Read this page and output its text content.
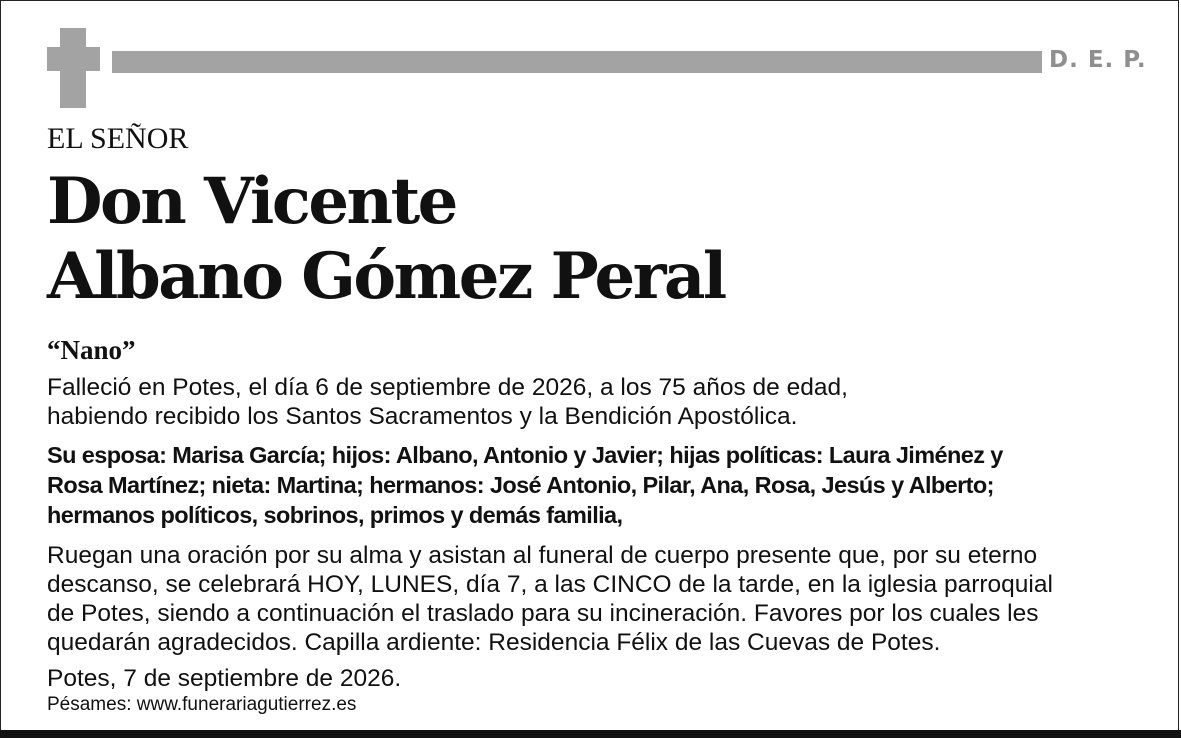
D. E. P.
EL SEÑOR
Don Vicente
Albano Gómez Peral
“Nano”
Falleció en Potes, el día 6 de septiembre de 2026, a los 75 años de edad,
habiendo recibido los Santos Sacramentos y la Bendición Apostólica.
Su esposa: Marisa García; hijos: Albano, Antonio y Javier; hijas políticas: Laura Jiménez y
Rosa Martínez; nieta: Martina; hermanos: José Antonio, Pilar, Ana, Rosa, Jesús y Alberto;
hermanos políticos, sobrinos, primos y demás familia,
Ruegan una oración por su alma y asistan al funeral de cuerpo presente que, por su eterno
descanso, se celebrará HOY, LUNES, día 7, a las CINCO de la tarde, en la iglesia parroquial
de Potes, siendo a continuación el traslado para su incineración. Favores por los cuales les
quedarán agradecidos. Capilla ardiente: Residencia Félix de las Cuevas de Potes.
Potes, 7 de septiembre de 2026.
Pésames: www.funerariagutierrez.es
